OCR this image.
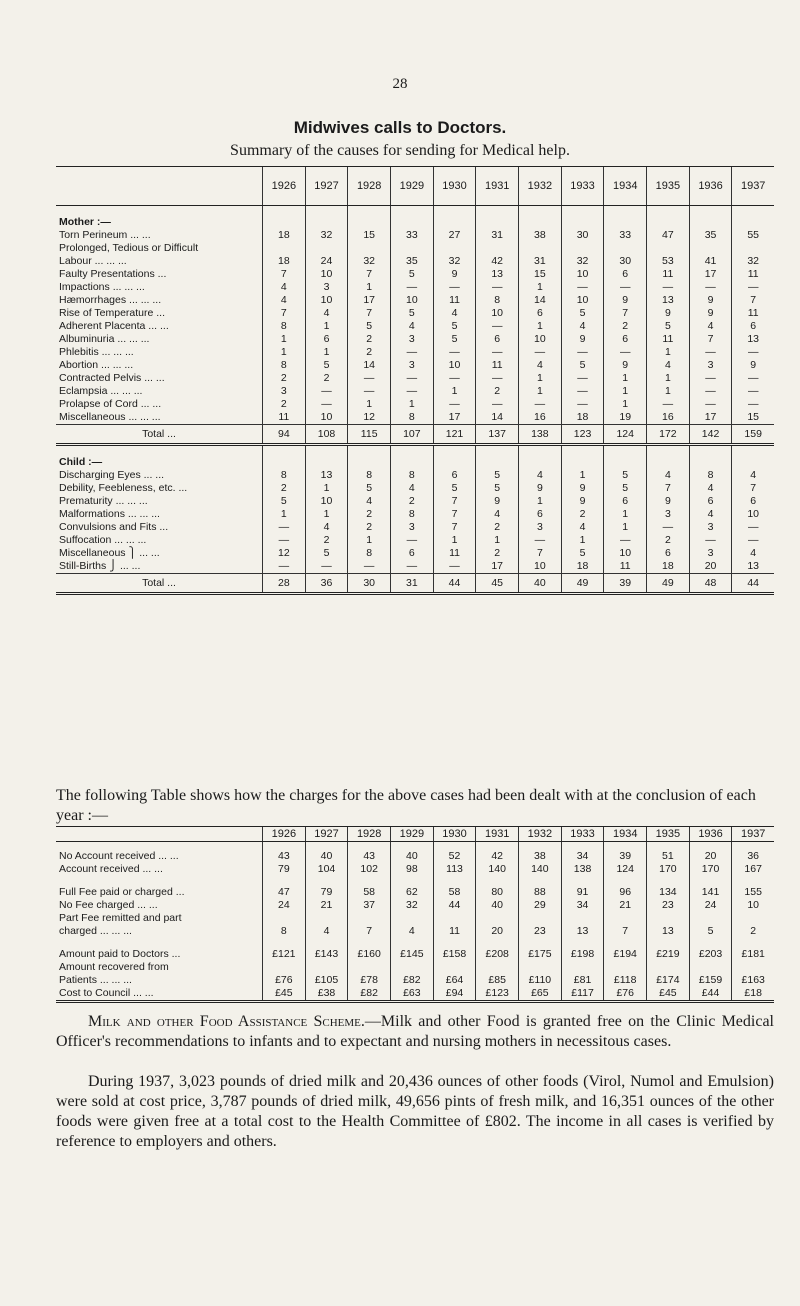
28
Midwives calls to Doctors.
Summary of the causes for sending for Medical help.
	1926	1927	1928	1929	1930	1931	1932	1933	1934	1935	1936	1937
Mother :—												
Torn Perineum ... ...	18	32	15	33	27	31	38	30	33	47	35	55
Prolonged, Tedious or Difficult												
Labour ... ... ...	18	24	32	35	32	42	31	32	30	53	41	32
Faulty Presentations ...	7	10	7	5	9	13	15	10	6	11	17	11
Impactions ... ... ...	4	3	1	—	—	—	1	—	—	—	—	—
Hæmorrhages ... ... ...	4	10	17	10	11	8	14	10	9	13	9	7
Rise of Temperature ...	7	4	7	5	4	10	6	5	7	9	9	11
Adherent Placenta ... ...	8	1	5	4	5	—	1	4	2	5	4	6
Albuminuria ... ... ...	1	6	2	3	5	6	10	9	6	11	7	13
Phlebitis ... ... ...	1	1	2	—	—	—	—	—	—	1	—	—
Abortion ... ... ...	8	5	14	3	10	11	4	5	9	4	3	9
Contracted Pelvis ... ...	2	2	—	—	—	—	1	—	1	1	—	—
Eclampsia ... ... ...	3	—	—	—	1	2	1	—	1	1	—	—
Prolapse of Cord ... ...	2	—	1	1	—	—	—	—	1	—	—	—
Miscellaneous ... ... ...	11	10	12	8	17	14	16	18	19	16	17	15
Total ...	94	108	115	107	121	137	138	123	124	172	142	159
Child :—												
Discharging Eyes ... ...	8	13	8	8	6	5	4	1	5	4	8	4
Debility, Feebleness, etc. ...	2	1	5	4	5	5	9	9	5	7	4	7
Prematurity ... ... ...	5	10	4	2	7	9	1	9	6	9	6	6
Malformations ... ... ...	1	1	2	8	7	4	6	2	1	3	4	10
Convulsions and Fits ...	—	4	2	3	7	2	3	4	1	—	3	—
Suffocation ... ... ...	—	2	1	—	1	1	—	1	—	2	—	—
Miscellaneous ⎫ ... ...	12	5	8	6	11	2	7	5	10	6	3	4
Still-Births ⎭ ... ...	—	—	—	—	—	17	10	18	11	18	20	13
Total ...	28	36	30	31	44	45	40	49	39	49	48	44
The following Table shows how the charges for the above cases had been dealt with at the conclusion of each year :—
	1926	1927	1928	1929	1930	1931	1932	1933	1934	1935	1936	1937

No Account received ... ...	43	40	43	40	52	42	38	34	39	51	20	36
Account received ... ...	79	104	102	98	113	140	140	138	124	170	170	167

Full Fee paid or charged ...	47	79	58	62	58	80	88	91	96	134	141	155
No Fee charged ... ...	24	21	37	32	44	40	29	34	21	23	24	10
Part Fee remitted and part												
charged ... ... ...	8	4	7	4	11	20	23	13	7	13	5	2

Amount paid to Doctors ...	£121	£143	£160	£145	£158	£208	£175	£198	£194	£219	£203	£181
Amount recovered from												
Patients ... ... ...	£76	£105	£78	£82	£64	£85	£110	£81	£118	£174	£159	£163
Cost to Council ... ...	£45	£38	£82	£63	£94	£123	£65	£117	£76	£45	£44	£18
Milk and other Food Assistance Scheme.—Milk and other Food is granted free on the Clinic Medical Officer's recommendations to infants and to expectant and nursing mothers in necessitous cases.
During 1937, 3,023 pounds of dried milk and 20,436 ounces of other foods (Virol, Numol and Emulsion) were sold at cost price, 3,787 pounds of dried milk, 49,656 pints of fresh milk, and 16,351 ounces of the other foods were given free at a total cost to the Health Committee of £802. The income in all cases is verified by reference to employers and others.
